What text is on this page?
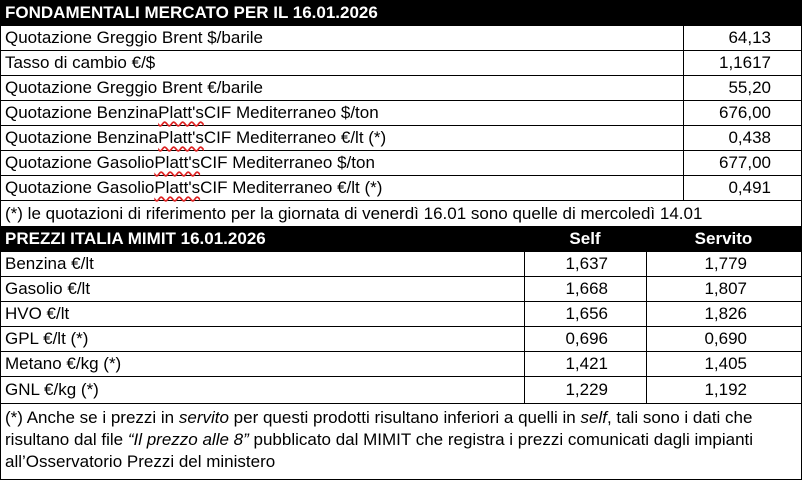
FONDAMENTALI MERCATO PER IL 16.01.2026
Quotazione Greggio Brent $/barile	64,13
Tasso di cambio €/$	1,1617
Quotazione Greggio Brent €/barile	55,20
Quotazione Benzina Platt's CIF Mediterraneo $/ton	676,00
Quotazione Benzina Platt's CIF Mediterraneo €/lt (*)	0,438
Quotazione Gasolio Platt's CIF Mediterraneo $/ton	677,00
Quotazione Gasolio Platt's CIF Mediterraneo €/lt (*)	0,491
(*) le quotazioni di riferimento per la giornata di venerdì 16.01 sono quelle di mercoledì 14.01
PREZZI ITALIA MIMIT 16.01.2026	Self	Servito
Benzina €/lt	1,637	1,779
Gasolio €/lt	1,668	1,807
HVO €/lt	1,656	1,826
GPL €/lt (*)	0,696	0,690
Metano €/kg (*)	1,421	1,405
GNL €/kg (*)	1,229	1,192
(*) Anche se i prezzi in servito per questi prodotti risultano inferiori a quelli in self, tali sono i dati che risultano dal file “Il prezzo alle 8” pubblicato dal MIMIT che registra i prezzi comunicati dagli impianti all’Osservatorio Prezzi del ministero
